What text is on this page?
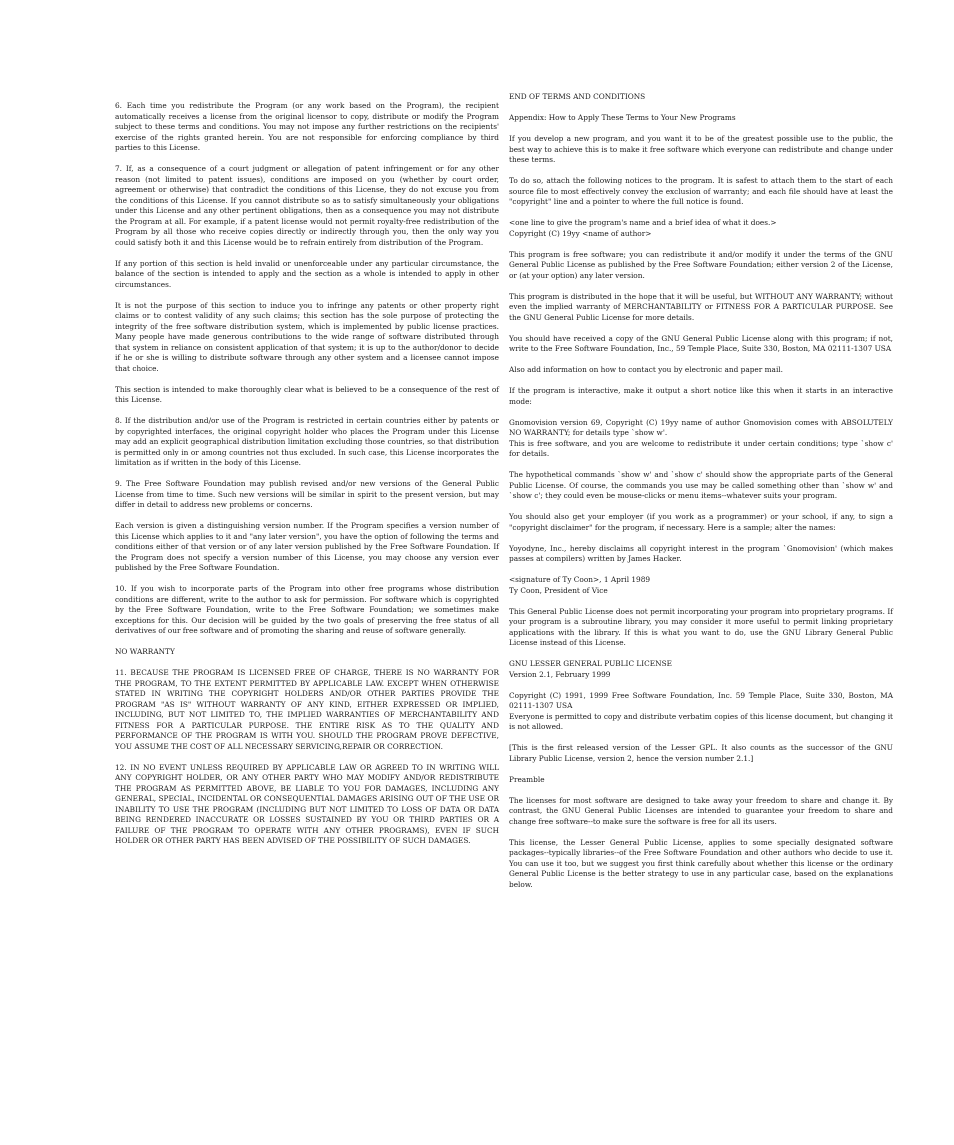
6. Each time you redistribute the Program (or any work based on the Program), the recipient automatically receives a license from the original licensor to copy, distribute or modify the Program subject to these terms and conditions. You may not impose any further restrictions on the recipients' exercise of the rights granted herein. You are not responsible for enforcing compliance by third parties to this License.

7. If, as a consequence of a court judgment or allegation of patent infringement or for any other reason (not limited to patent issues), conditions are imposed on you (whether by court order, agreement or otherwise) that contradict the conditions of this License, they do not excuse you from the conditions of this License. If you cannot distribute so as to satisfy simultaneously your obligations under this License and any other pertinent obligations, then as a consequence you may not distribute the Program at all. For example, if a patent license would not permit royalty-free redistribution of the Program by all those who receive copies directly or indirectly through you, then the only way you could satisfy both it and this License would be to refrain entirely from distribution of the Program.

If any portion of this section is held invalid or unenforceable under any particular circumstance, the balance of the section is intended to apply and the section as a whole is intended to apply in other circumstances.

It is not the purpose of this section to induce you to infringe any patents or other property right claims or to contest validity of any such claims; this section has the sole purpose of protecting the integrity of the free software distribution system, which is implemented by public license practices. Many people have made generous contributions to the wide range of software distributed through that system in reliance on consistent application of that system; it is up to the author/donor to decide if he or she is willing to distribute software through any other system and a licensee cannot impose that choice.

This section is intended to make thoroughly clear what is believed to be a consequence of the rest of this License.

8. If the distribution and/or use of the Program is restricted in certain countries either by patents or by copyrighted interfaces, the original copyright holder who places the Program under this License may add an explicit geographical distribution limitation excluding those countries, so that distribution is permitted only in or among countries not thus excluded. In such case, this License incorporates the limitation as if written in the body of this License.

9. The Free Software Foundation may publish revised and/or new versions of the General Public License from time to time. Such new versions will be similar in spirit to the present version, but may differ in detail to address new problems or concerns.

Each version is given a distinguishing version number. If the Program specifies a version number of this License which applies to it and "any later version", you have the option of following the terms and conditions either of that version or of any later version published by the Free Software Foundation. If the Program does not specify a version number of this License, you may choose any version ever published by the Free Software Foundation.

10. If you wish to incorporate parts of the Program into other free programs whose distribution conditions are different, write to the author to ask for permission. For software which is copyrighted by the Free Software Foundation, write to the Free Software Foundation; we sometimes make exceptions for this. Our decision will be guided by the two goals of preserving the free status of all derivatives of our free software and of promoting the sharing and reuse of software generally.

NO WARRANTY

11. BECAUSE THE PROGRAM IS LICENSED FREE OF CHARGE, THERE IS NO WARRANTY FOR THE PROGRAM, TO THE EXTENT PERMITTED BY APPLICABLE LAW. EXCEPT WHEN OTHERWISE STATED IN WRITING THE COPYRIGHT HOLDERS AND/OR OTHER PARTIES PROVIDE THE PROGRAM "AS IS" WITHOUT WARRANTY OF ANY KIND, EITHER EXPRESSED OR IMPLIED, INCLUDING, BUT NOT LIMITED TO, THE IMPLIED WARRANTIES OF MERCHANTABILITY AND FITNESS FOR A PARTICULAR PURPOSE. THE ENTIRE RISK AS TO THE QUALITY AND PERFORMANCE OF THE PROGRAM IS WITH YOU. SHOULD THE PROGRAM PROVE DEFECTIVE, YOU ASSUME THE COST OF ALL NECESSARY SERVICING,REPAIR OR CORRECTION.

12. IN NO EVENT UNLESS REQUIRED BY APPLICABLE LAW OR AGREED TO IN WRITING WILL ANY COPYRIGHT HOLDER, OR ANY OTHER PARTY WHO MAY MODIFY AND/OR REDISTRIBUTE THE PROGRAM AS PERMITTED ABOVE, BE LIABLE TO YOU FOR DAMAGES, INCLUDING ANY GENERAL, SPECIAL, INCIDENTAL OR CONSEQUENTIAL DAMAGES ARISING OUT OF THE USE OR INABILITY TO USE THE PROGRAM (INCLUDING BUT NOT LIMITED TO LOSS OF DATA OR DATA BEING RENDERED INACCURATE OR LOSSES SUSTAINED BY YOU OR THIRD PARTIES OR A FAILURE OF THE PROGRAM TO OPERATE WITH ANY OTHER PROGRAMS), EVEN IF SUCH HOLDER OR OTHER PARTY HAS BEEN ADVISED OF THE POSSIBILITY OF SUCH DAMAGES.

END OF TERMS AND CONDITIONS

Appendix: How to Apply These Terms to Your New Programs

If you develop a new program, and you want it to be of the greatest possible use to the public, the best way to achieve this is to make it free software which everyone can redistribute and change under these terms.

To do so, attach the following notices to the program. It is safest to attach them to the start of each source file to most effectively convey the exclusion of warranty; and each file should have at least the "copyright" line and a pointer to where the full notice is found.

<one line to give the program's name and a brief idea of what it does.>
Copyright (C) 19yy <name of author>

This program is free software; you can redistribute it and/or modify it under the terms of the GNU General Public License as published by the Free Software Foundation; either version 2 of the License, or (at your option) any later version.

This program is distributed in the hope that it will be useful, but WITHOUT ANY WARRANTY; without even the implied warranty of MERCHANTABILITY or FITNESS FOR A PARTICULAR PURPOSE. See the GNU General Public License for more details.

You should have received a copy of the GNU General Public License along with this program; if not, write to the Free Software Foundation, Inc., 59 Temple Place, Suite 330, Boston, MA 02111-1307 USA

Also add information on how to contact you by electronic and paper mail.

If the program is interactive, make it output a short notice like this when it starts in an interactive mode:

Gnomovision version 69, Copyright (C) 19yy name of author Gnomovision comes with ABSOLUTELY NO WARRANTY; for details type `show w'.
This is free software, and you are welcome to redistribute it under certain conditions; type `show c' for details.

The hypothetical commands `show w' and `show c' should show the appropriate parts of the General Public License. Of course, the commands you use may be called something other than `show w' and `show c'; they could even be mouse-clicks or menu items--whatever suits your program.

You should also get your employer (if you work as a programmer) or your school, if any, to sign a "copyright disclaimer" for the program, if necessary. Here is a sample; alter the names:

Yoyodyne, Inc., hereby disclaims all copyright interest in the program `Gnomovision' (which makes passes at compilers) written by James Hacker.

<signature of Ty Coon>, 1 April 1989
Ty Coon, President of Vice

This General Public License does not permit incorporating your program into proprietary programs. If your program is a subroutine library, you may consider it more useful to permit linking proprietary applications with the library. If this is what you want to do, use the GNU Library General Public License instead of this License.

GNU LESSER GENERAL PUBLIC LICENSE
Version 2.1, February 1999

Copyright (C) 1991, 1999 Free Software Foundation, Inc. 59 Temple Place, Suite 330, Boston, MA 02111-1307 USA
Everyone is permitted to copy and distribute verbatim copies of this license document, but changing it is not allowed.

[This is the first released version of the Lesser GPL. It also counts as the successor of the GNU Library Public License, version 2, hence the version number 2.1.]

Preamble

The licenses for most software are designed to take away your freedom to share and change it. By contrast, the GNU General Public Licenses are intended to guarantee your freedom to share and change free software--to make sure the software is free for all its users.

This license, the Lesser General Public License, applies to some specially designated software packages--typically libraries--of the Free Software Foundation and other authors who decide to use it. You can use it too, but we suggest you first think carefully about whether this license or the ordinary General Public License is the better strategy to use in any particular case, based on the explanations below.
